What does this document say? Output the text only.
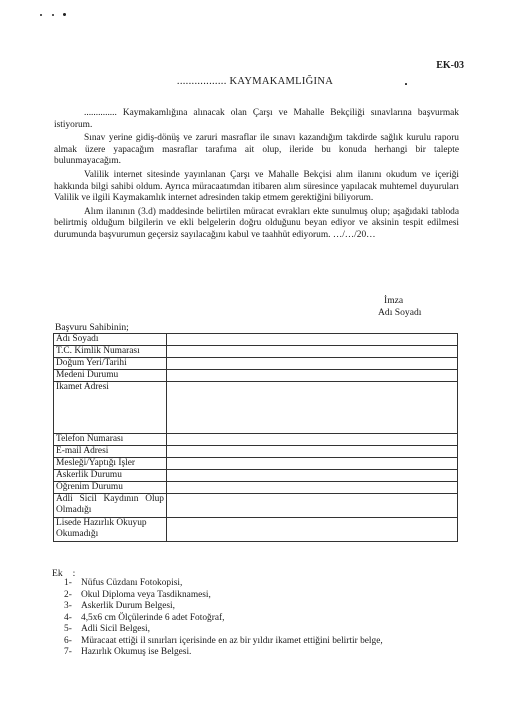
EK-03
................. KAYMAKAMLIĞINA

.............. Kaymakamlığına alınacak olan Çarşı ve Mahalle Bekçiliği sınavlarına başvurmak istiyorum.

Sınav yerine gidiş-dönüş ve zaruri masraflar ile sınavı kazandığım takdirde sağlık kurulu raporu almak üzere yapacağım masraflar tarafıma ait olup, ileride bu konuda herhangi bir talepte bulunmayacağım.

Valilik internet sitesinde yayınlanan Çarşı ve Mahalle Bekçisi alım ilanını okudum ve içeriği hakkında bilgi sahibi oldum. Ayrıca müracaatımdan itibaren alım süresince yapılacak muhtemel duyuruları Valilik ve ilgili Kaymakamlık internet adresinden takip etmem gerektiğini biliyorum.

Alım ilanının (3.d) maddesinde belirtilen müracat evrakları ekte sunulmuş olup; aşağıdaki tabloda belirtmiş olduğum bilgilerin ve ekli belgelerin doğru olduğunu beyan ediyor ve aksinin tespit edilmesi durumunda başvurumun geçersiz sayılacağını kabul ve taahhüt ediyorum. …/…/20…

İmza
Adı Soyadı
Başvuru Sahibinin;
Adı Soyadı	
T.C. Kimlik Numarası	
Doğum Yeri/Tarihi	
Medeni Durumu	
İkamet Adresi	
Telefon Numarası	
E-mail Adresi	
Mesleği/Yaptığı İşler	
Askerlik Durumu	
Öğrenim Durumu	
Adli Sicil Kaydının Olup Olmadığı	
Lisede Hazırlık Okuyup Okumadığı	
Ek :
1- Nüfus Cüzdanı Fotokopisi,
2- Okul Diploma veya Tasdiknamesi,
3- Askerlik Durum Belgesi,
4- 4,5x6 cm Ölçülerinde 6 adet Fotoğraf,
5- Adli Sicil Belgesi,
6- Müracaat ettiği il sınırları içerisinde en az bir yıldır ikamet ettiğini belirtir belge,
7- Hazırlık Okumuş ise Belgesi.
